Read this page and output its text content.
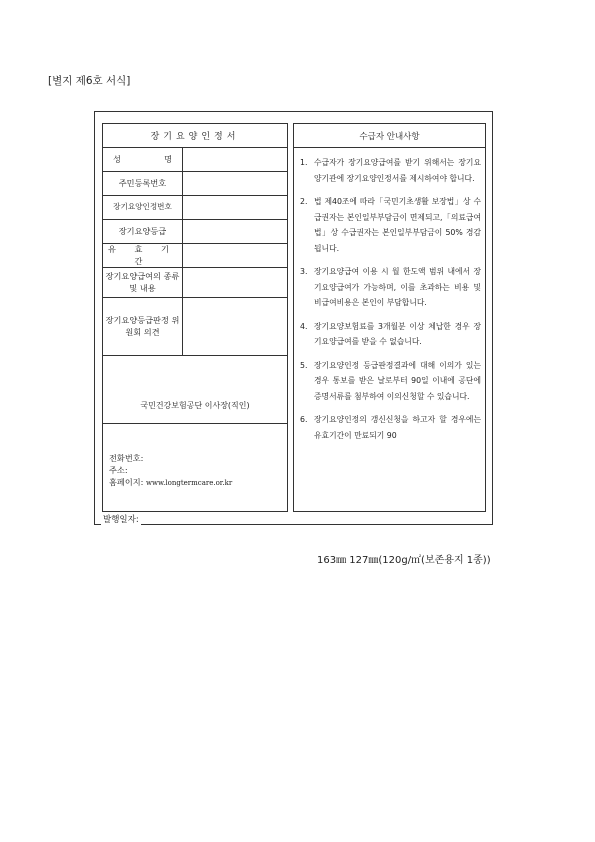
[별지 제6호 서식]
장기요양인정서
성	명
주민등록번호
장기요양인정번호
장기요양등급
유 효 기 간
장기요양급여의 종류 및 내용
장기요양등급판정 위원회 의견
국민건강보험공단 이사장(직인)
전화번호:
주소:
홈페이지: www.longtermcare.or.kr
수급자 안내사항
1. 수급자가 장기요양급여를 받기 위해서는 장기요양기관에 장기요양인정서를 제시하여야 합니다.
2. 법 제40조에 따라「국민기초생활 보장법」상 수급권자는 본인일부부담금이 면제되고,「의료급여법」상 수급권자는 본인일부부담금이 50% 경감됩니다.
3. 장기요양급여 이용 시 월 한도액 범위 내에서 장기요양급여가 가능하며, 이를 초과하는 비용 및 비급여비용은 본인이 부담합니다.
4. 장기요양보험료를 3개월분 이상 체납한 경우 장기요양급여를 받을 수 없습니다.
5. 장기요양인정 등급판정결과에 대해 이의가 있는 경우 통보를 받은 날로부터 90일 이내에 공단에 증명서류를 첨부하여 이의신청할 수 있습니다.
6. 장기요양인정의 갱신신청을 하고자 할 경우에는 유효기간이 만료되기 90
발행일자:
163㎜ 127㎜(120g/㎡(보존용지 1종))
